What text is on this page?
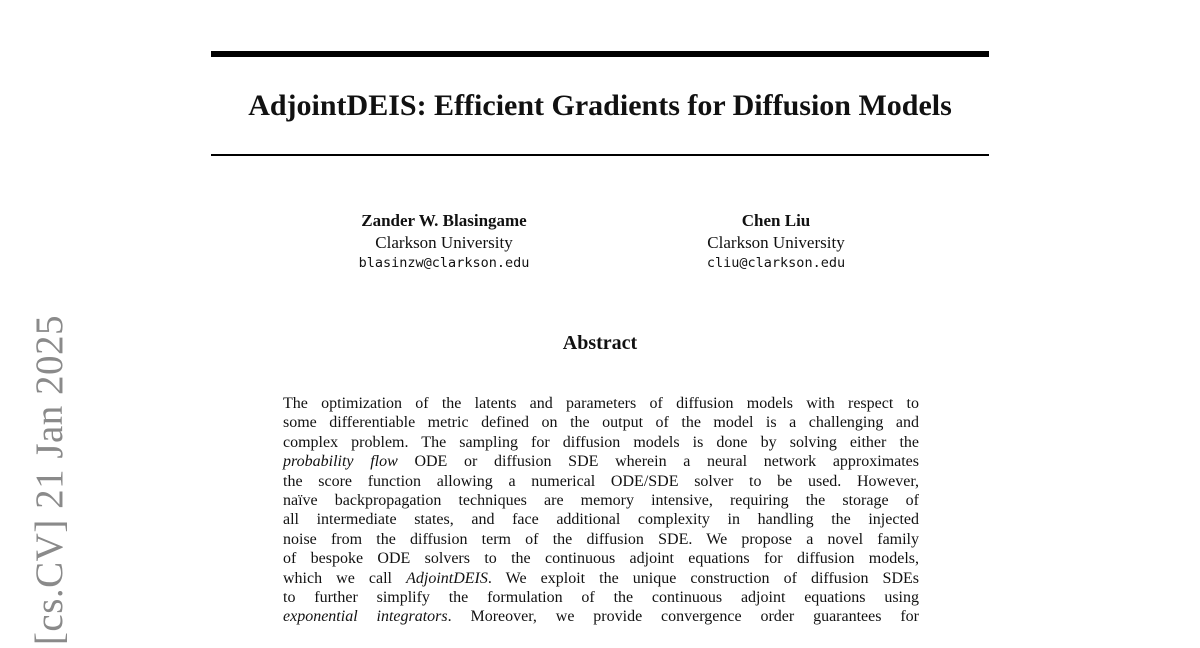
AdjointDEIS: Efficient Gradients for Diffusion Models
Zander W. Blasingame
Clarkson University
blasinzw@clarkson.edu
Chen Liu
Clarkson University
cliu@clarkson.edu
Abstract
The optimization of the latents and parameters of diffusion models with respect to
some differentiable metric defined on the output of the model is a challenging and
complex problem. The sampling for diffusion models is done by solving either the
probability flow ODE or diffusion SDE wherein a neural network approximates
the score function allowing a numerical ODE/SDE solver to be used. However,
naïve backpropagation techniques are memory intensive, requiring the storage of
all intermediate states, and face additional complexity in handling the injected
noise from the diffusion term of the diffusion SDE. We propose a novel family
of bespoke ODE solvers to the continuous adjoint equations for diffusion models,
which we call AdjointDEIS. We exploit the unique construction of diffusion SDEs
to further simplify the formulation of the continuous adjoint equations using
exponential integrators. Moreover, we provide convergence order guarantees for
[cs.CV] 21 Jan 2025
